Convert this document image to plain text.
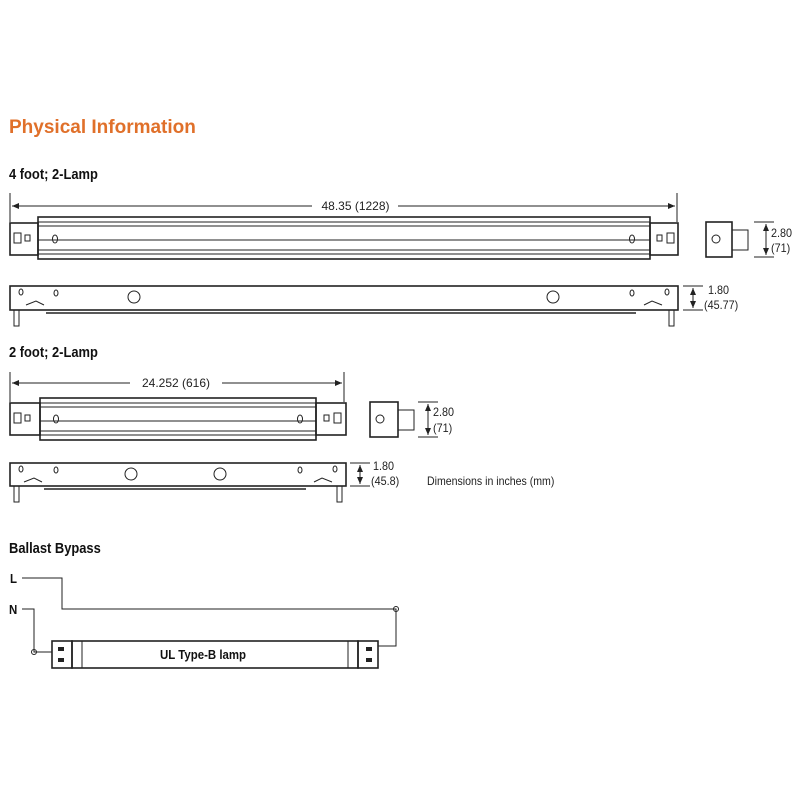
Physical Information
4 foot; 2-Lamp
48.35 (1228)
2.80
(71)
1.80
(45.77)
2 foot; 2-Lamp
24.252 (616)
2.80
(71)
1.80
(45.8) Dimensions in inches (mm)
Ballast Bypass
L
N
UL Type-B lamp
